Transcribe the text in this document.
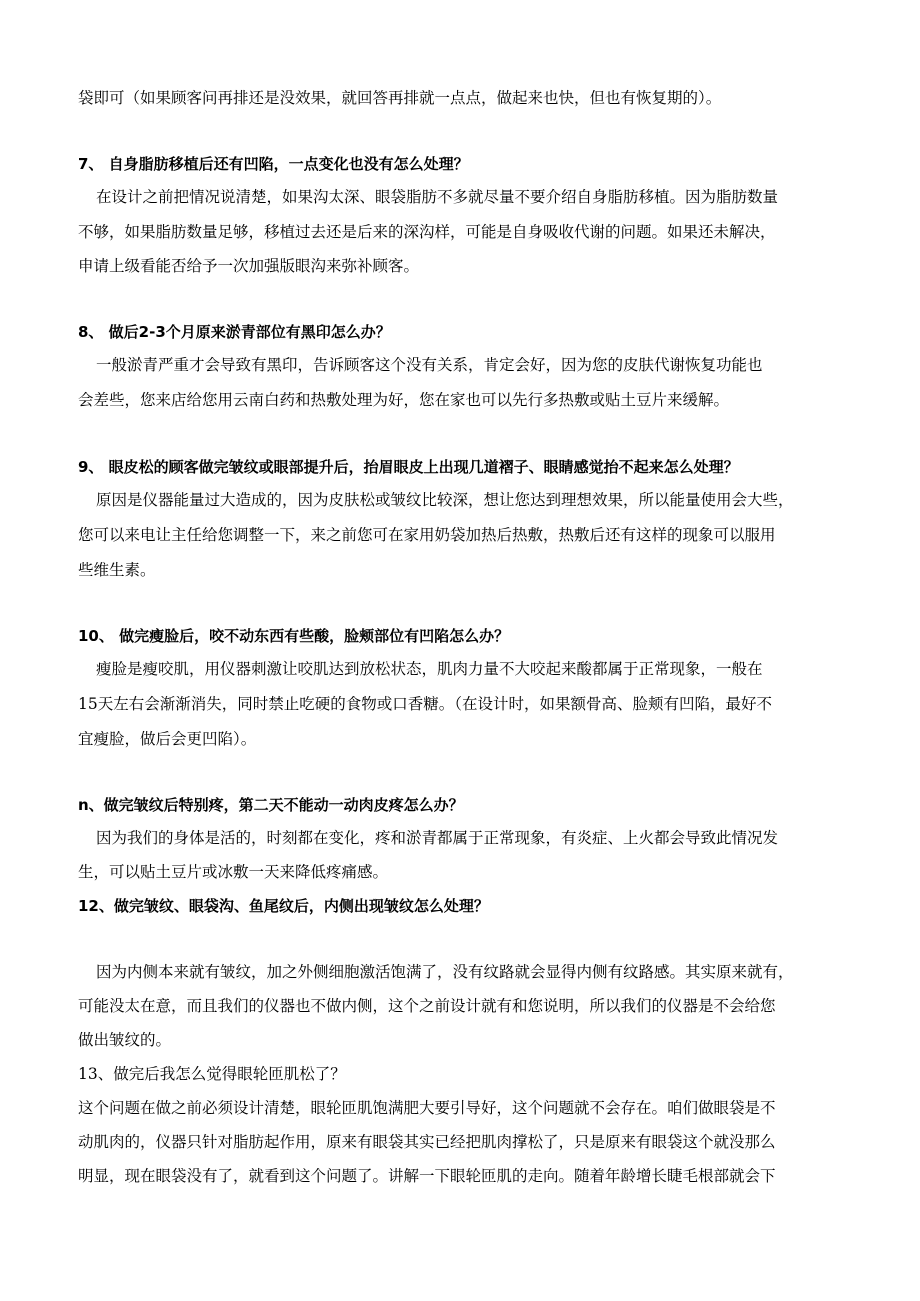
袋即可（如果顾客问再排还是没效果，就回答再排就一点点，做起来也快，但也有恢复期的）。
7、 自身脂肪移植后还有凹陷，一点变化也没有怎么处理？
在设计之前把情况说清楚，如果沟太深、眼袋脂肪不多就尽量不要介绍自身脂肪移植。因为脂肪数量
不够，如果脂肪数量足够，移植过去还是后来的深沟样，可能是自身吸收代谢的问题。如果还未解决，
申请上级看能否给予一次加强版眼沟来弥补顾客。
8、 做后2-3个月原来淤青部位有黑印怎么办？
一般淤青严重才会导致有黑印，告诉顾客这个没有关系，肯定会好，因为您的皮肤代谢恢复功能也
会差些，您来店给您用云南白药和热敷处理为好，您在家也可以先行多热敷或贴土豆片来缓解。
9、 眼皮松的顾客做完皱纹或眼部提升后，抬眉眼皮上出现几道褶子、眼睛感觉抬不起来怎么处理？
原因是仪器能量过大造成的，因为皮肤松或皱纹比较深，想让您达到理想效果，所以能量使用会大些，
您可以来电让主任给您调整一下，来之前您可在家用奶袋加热后热敷，热敷后还有这样的现象可以服用
些维生素。
10、 做完瘦脸后，咬不动东西有些酸，脸颊部位有凹陷怎么办？
瘦脸是瘦咬肌，用仪器刺激让咬肌达到放松状态，肌肉力量不大咬起来酸都属于正常现象，一般在
15天左右会渐渐消失，同时禁止吃硬的食物或口香糖。（在设计时，如果额骨高、脸颊有凹陷，最好不
宜瘦脸，做后会更凹陷）。
n、做完皱纹后特别疼，第二天不能动一动肉皮疼怎么办？
因为我们的身体是活的，时刻都在变化，疼和淤青都属于正常现象，有炎症、上火都会导致此情况发
生，可以贴土豆片或冰敷一天来降低疼痛感。
12、做完皱纹、眼袋沟、鱼尾纹后，内侧出现皱纹怎么处理？
因为内侧本来就有皱纹，加之外侧细胞激活饱满了，没有纹路就会显得内侧有纹路感。其实原来就有，
可能没太在意，而且我们的仪器也不做内侧，这个之前设计就有和您说明，所以我们的仪器是不会给您
做出皱纹的。
13、做完后我怎么觉得眼轮匝肌松了？
这个问题在做之前必须设计清楚，眼轮匝肌饱满肥大要引导好，这个问题就不会存在。咱们做眼袋是不
动肌肉的，仪器只针对脂肪起作用，原来有眼袋其实已经把肌肉撑松了，只是原来有眼袋这个就没那么
明显，现在眼袋没有了，就看到这个问题了。讲解一下眼轮匝肌的走向。随着年龄增长睫毛根部就会下
